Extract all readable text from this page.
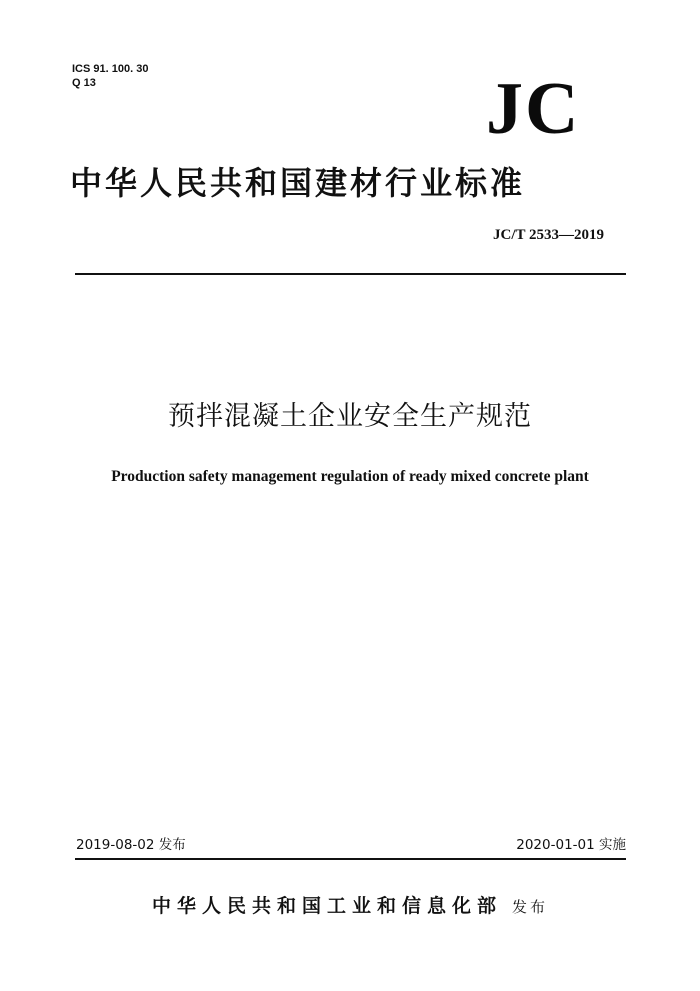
ICS 91. 100. 30
Q 13	JC
中华人民共和国建材行业标准
JC/T 2533—2019
预拌混凝土企业安全生产规范
Production safety management regulation of ready mixed concrete plant
2019-08-02 发布	2020-01-01 实施
中华人民共和国工业和信息化部 发布
